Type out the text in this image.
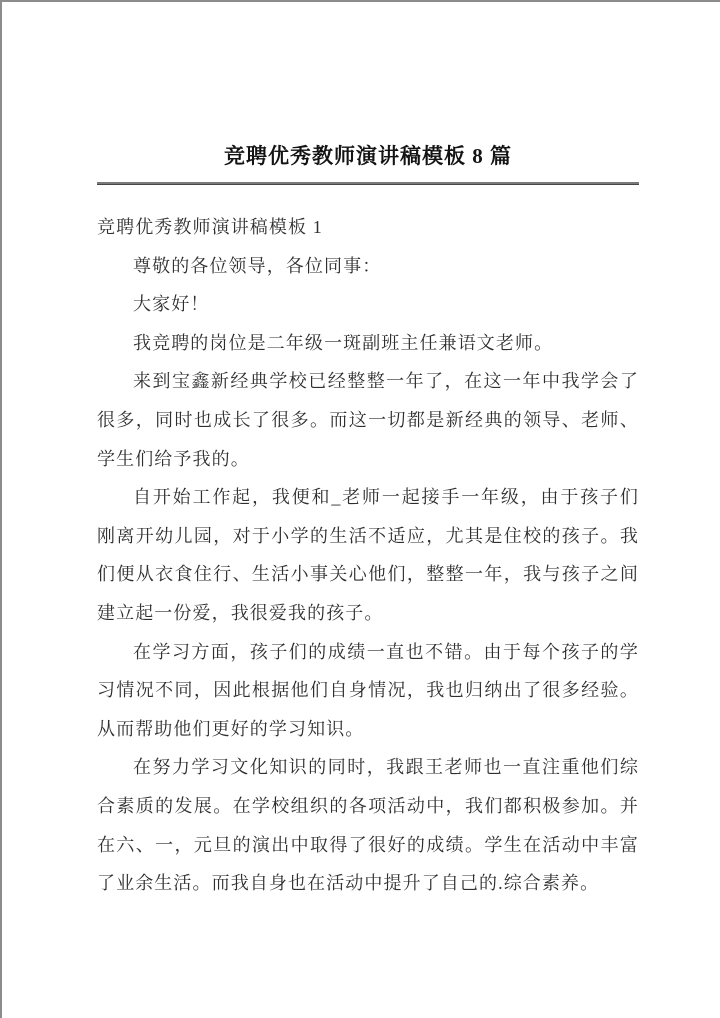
竞聘优秀教师演讲稿模板 8 篇

竞聘优秀教师演讲稿模板 1

尊敬的各位领导，各位同事：

大家好！

我竞聘的岗位是二年级一斑副班主任兼语文老师。

来到宝鑫新经典学校已经整整一年了，在这一年中我学会了很多，同时也成长了很多。而这一切都是新经典的领导、老师、学生们给予我的。

自开始工作起，我便和_老师一起接手一年级，由于孩子们刚离开幼儿园，对于小学的生活不适应，尤其是住校的孩子。我们便从衣食住行、生活小事关心他们，整整一年，我与孩子之间建立起一份爱，我很爱我的孩子。

在学习方面，孩子们的成绩一直也不错。由于每个孩子的学习情况不同，因此根据他们自身情况，我也归纳出了很多经验。从而帮助他们更好的学习知识。

在努力学习文化知识的同时，我跟王老师也一直注重他们综合素质的发展。在学校组织的各项活动中，我们都积极参加。并在六、一，元旦的演出中取得了很好的成绩。学生在活动中丰富了业余生活。而我自身也在活动中提升了自己的.综合素养。
